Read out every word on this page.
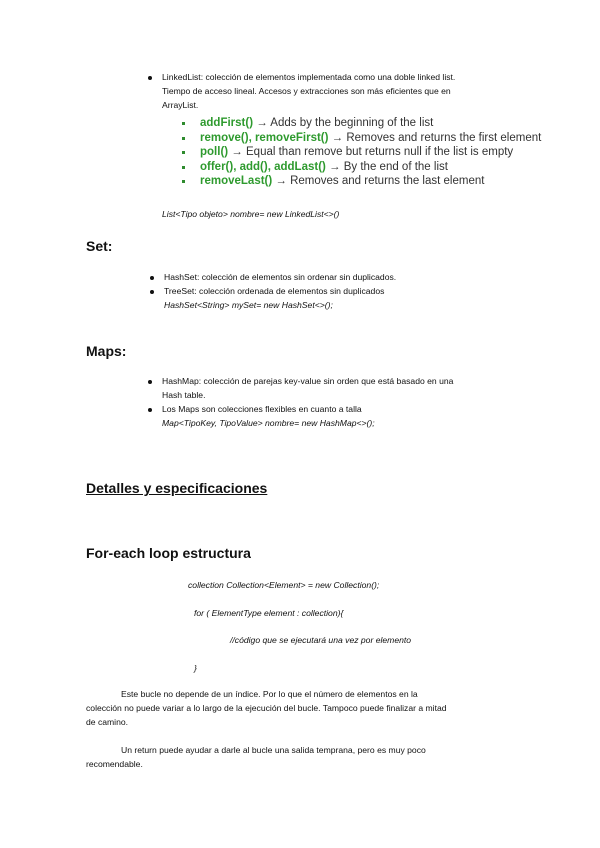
LinkedList: colección de elementos implementada como una doble linked list.
Tiempo de acceso lineal. Accesos y extracciones son más eficientes que en
ArrayList.
addFirst() → Adds by the beginning of the list
remove(), removeFirst() → Removes and returns the first element
poll() → Equal than remove but returns null if the list is empty
offer(), add(), addLast() → By the end of the list
removeLast() → Removes and returns the last element
List<Tipo objeto> nombre= new LinkedList<>()
Set:
HashSet: colección de elementos sin ordenar sin duplicados.
TreeSet: colección ordenada de elementos sin duplicados
HashSet<String> mySet= new HashSet<>();
Maps:
HashMap: colección de parejas key-value sin orden que está basado en una
Hash table.
Los Maps son colecciones flexibles en cuanto a talla
Map<TipoKey, TipoValue> nombre= new HashMap<>();
Detalles y especificaciones
For-each loop estructura
collection Collection<Element> = new Collection();
for ( ElementType element : collection){
//código que se ejecutará una vez por elemento
}
Este bucle no depende de un índice. Por lo que el número de elementos en la
colección no puede variar a lo largo de la ejecución del bucle. Tampoco puede finalizar a mitad
de camino.
Un return puede ayudar a darle al bucle una salida temprana, pero es muy poco
recomendable.
